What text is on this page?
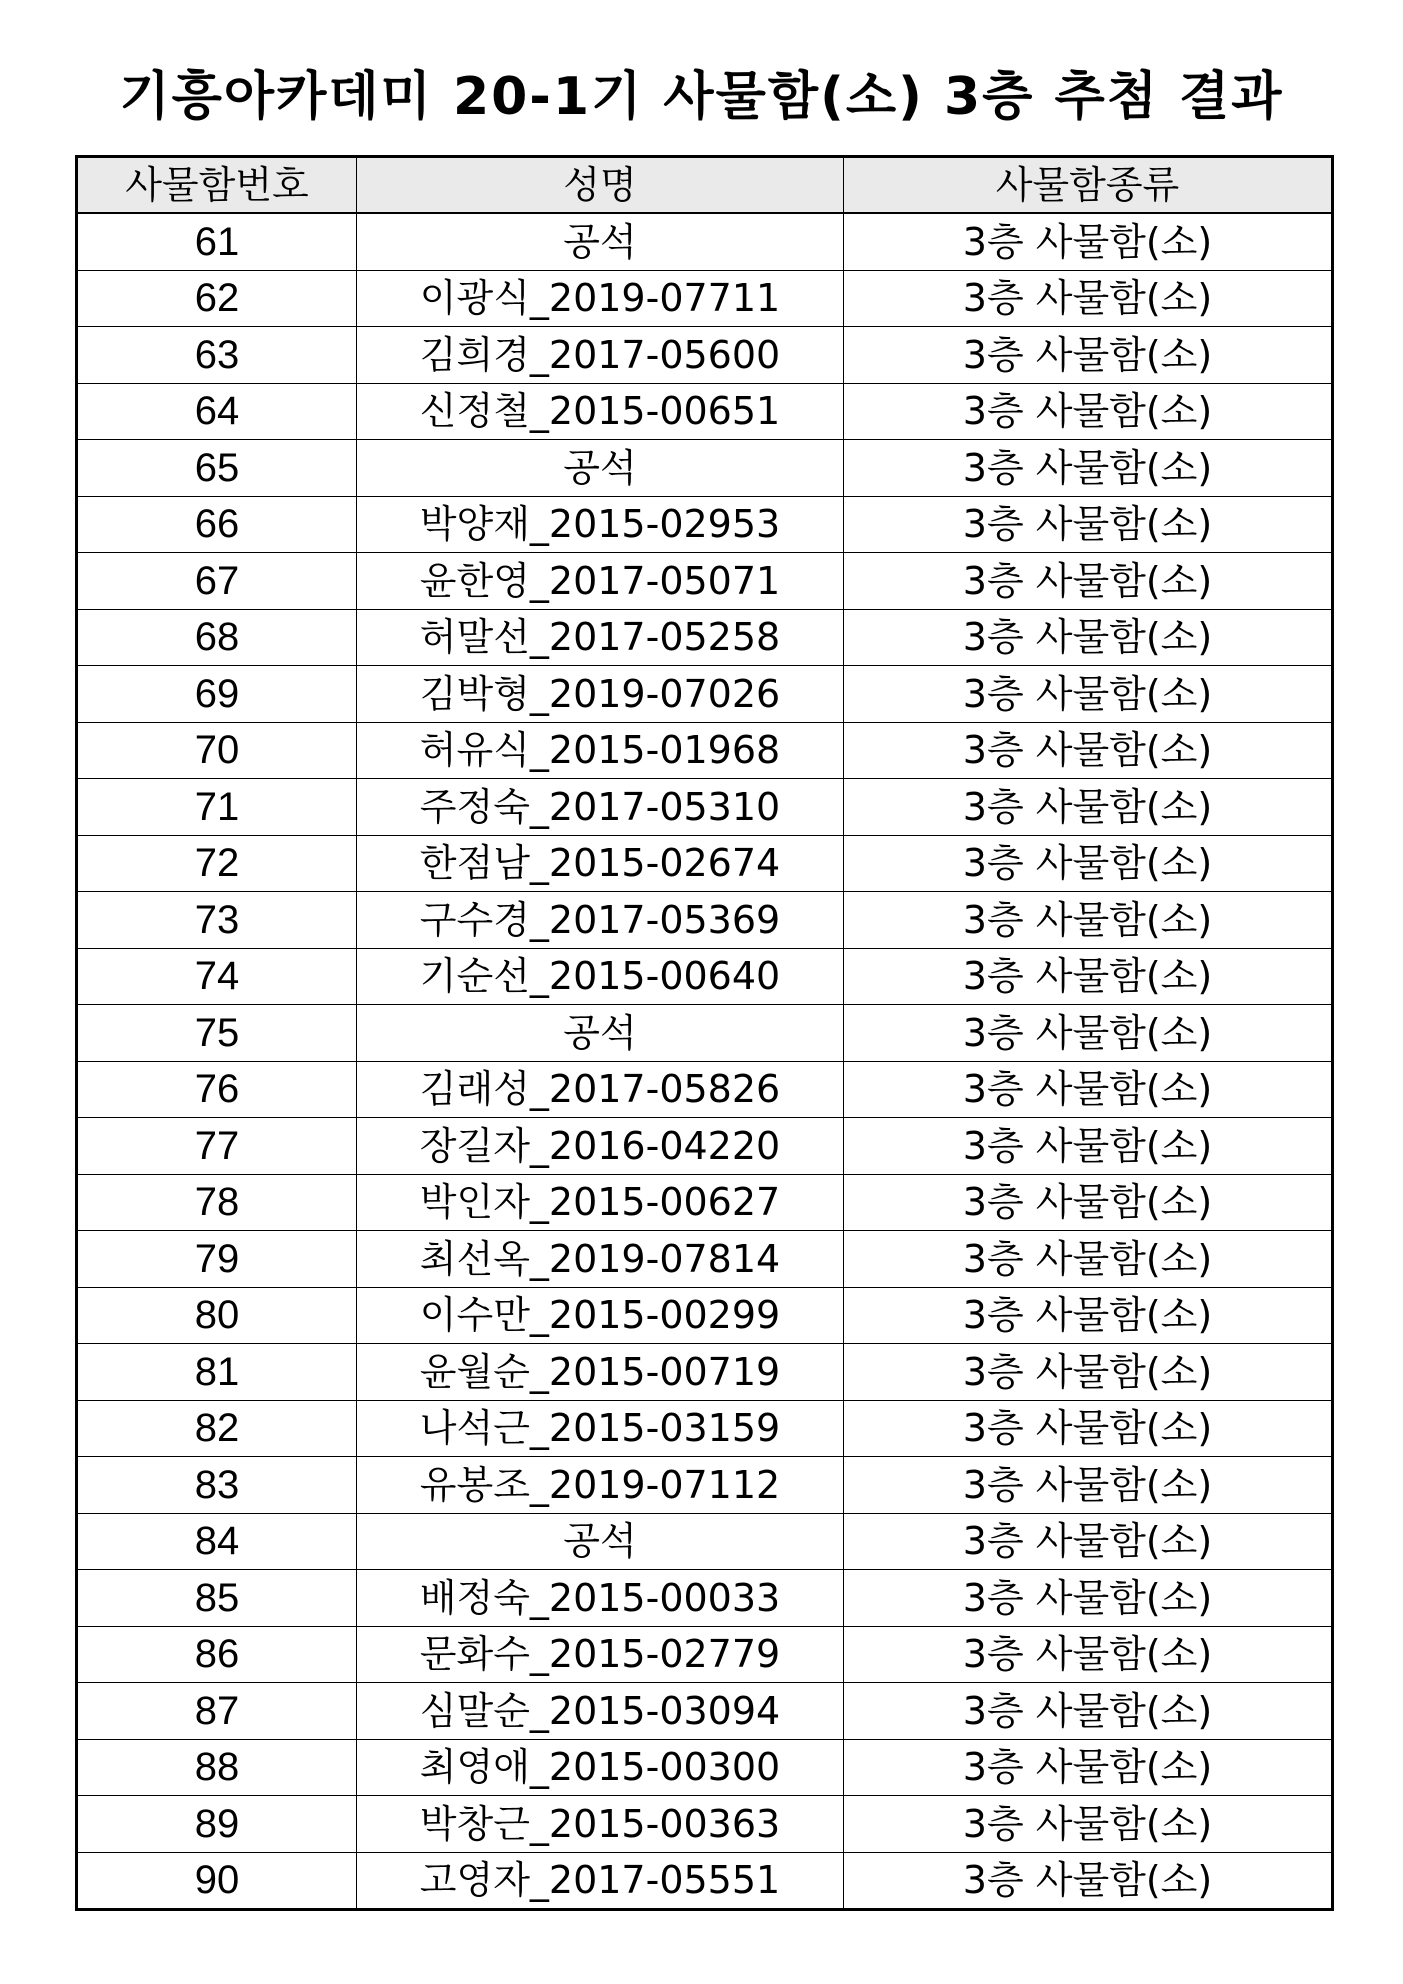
기흥아카데미 20-1기 사물함(소) 3층 추첨 결과
사물함번호	성명	사물함종류
61	공석	3층 사물함(소)
62	이광식_2019-07711	3층 사물함(소)
63	김희경_2017-05600	3층 사물함(소)
64	신정철_2015-00651	3층 사물함(소)
65	공석	3층 사물함(소)
66	박양재_2015-02953	3층 사물함(소)
67	윤한영_2017-05071	3층 사물함(소)
68	허말선_2017-05258	3층 사물함(소)
69	김박형_2019-07026	3층 사물함(소)
70	허유식_2015-01968	3층 사물함(소)
71	주정숙_2017-05310	3층 사물함(소)
72	한점남_2015-02674	3층 사물함(소)
73	구수경_2017-05369	3층 사물함(소)
74	기순선_2015-00640	3층 사물함(소)
75	공석	3층 사물함(소)
76	김래성_2017-05826	3층 사물함(소)
77	장길자_2016-04220	3층 사물함(소)
78	박인자_2015-00627	3층 사물함(소)
79	최선옥_2019-07814	3층 사물함(소)
80	이수만_2015-00299	3층 사물함(소)
81	윤월순_2015-00719	3층 사물함(소)
82	나석근_2015-03159	3층 사물함(소)
83	유봉조_2019-07112	3층 사물함(소)
84	공석	3층 사물함(소)
85	배정숙_2015-00033	3층 사물함(소)
86	문화수_2015-02779	3층 사물함(소)
87	심말순_2015-03094	3층 사물함(소)
88	최영애_2015-00300	3층 사물함(소)
89	박창근_2015-00363	3층 사물함(소)
90	고영자_2017-05551	3층 사물함(소)
